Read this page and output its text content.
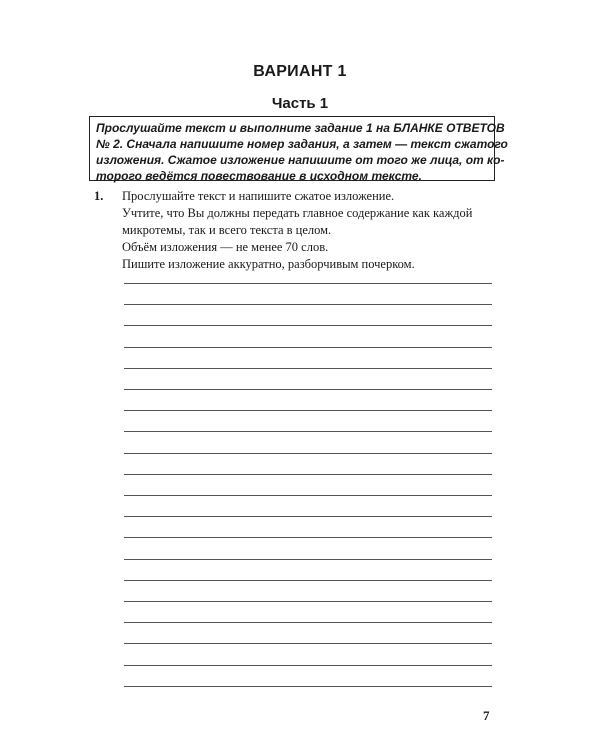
ВАРИАНТ 1
Часть 1
Прослушайте текст и выполните задание 1 на БЛАНКЕ ОТВЕТОВ
№ 2. Сначала напишите номер задания, а затем — текст сжатого
изложения. Сжатое изложение напишите от того же лица, от ко-
торого ведётся повествование в исходном тексте.
1. Прослушайте текст и напишите сжатое изложение.
Учтите, что Вы должны передать главное содержание как каждой
микротемы, так и всего текста в целом.
Объём изложения — не менее 70 слов.
Пишите изложение аккуратно, разборчивым почерком.
7
